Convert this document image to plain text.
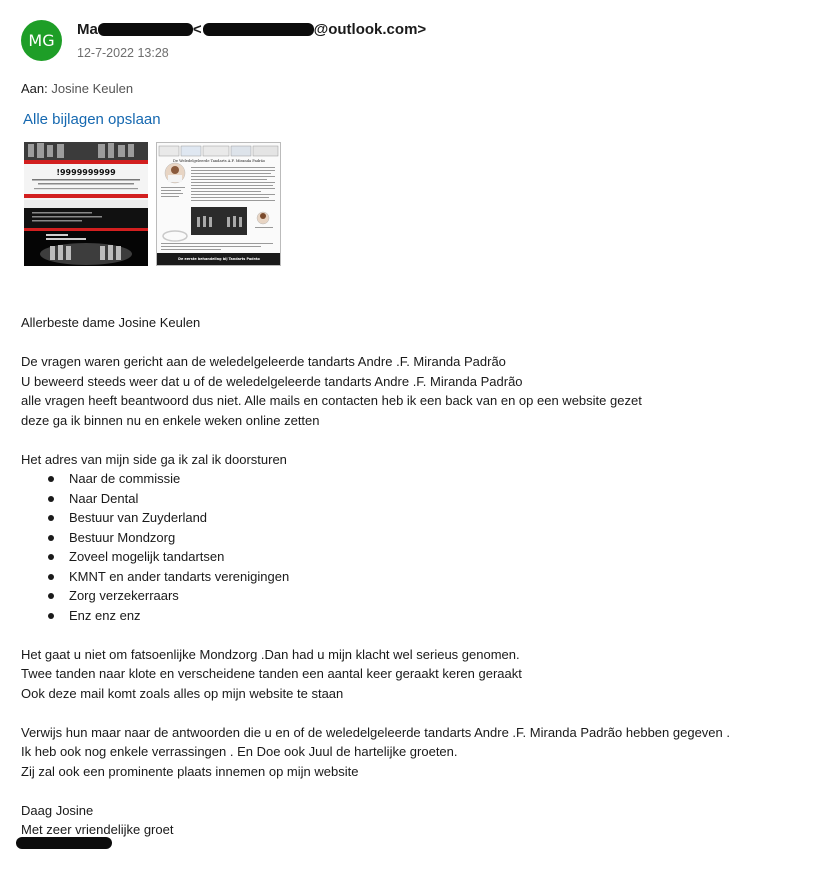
MG
Ma	<	@outlook.com>
12-7-2022 13:28
Aan: Josine Keulen
Alle bijlagen opslaan
!9999999999
De Weledelgeleerde Tandarts A.F. Miranda Padrão
De eerste behandeling bij Tandarts Padrão

Allerbeste dame Josine Keulen

De vragen waren gericht aan de weledelgeleerde tandarts Andre .F. Miranda Padrão

U beweerd steeds weer dat u of de weledelgeleerde tandarts Andre .F. Miranda Padrão

alle vragen heeft beantwoord dus niet. Alle mails en contacten heb ik een back van en op een website gezet

deze ga ik binnen nu en enkele weken online zetten

Het adres van mijn side ga ik zal ik doorsturen

Naar de commissie
Naar Dental
Bestuur van Zuyderland
Bestuur Mondzorg
Zoveel mogelijk tandartsen
KMNT en ander tandarts verenigingen
Zorg verzekerraars
Enz enz enz

Het gaat u niet om fatsoenlijke Mondzorg .Dan had u mijn klacht wel serieus genomen.

Twee tanden naar klote en verscheidene tanden een aantal keer geraakt keren geraakt

Ook deze mail komt zoals alles op mijn website te staan

Verwijs hun maar naar de antwoorden die u en of de weledelgeleerde tandarts Andre .F. Miranda Padrão hebben gegeven .

Ik heb ook nog enkele verrassingen . En Doe ook Juul de hartelijke groeten.

Zij zal ook een prominente plaats innemen op mijn website

Daag Josine

Met zeer vriendelijke groet
